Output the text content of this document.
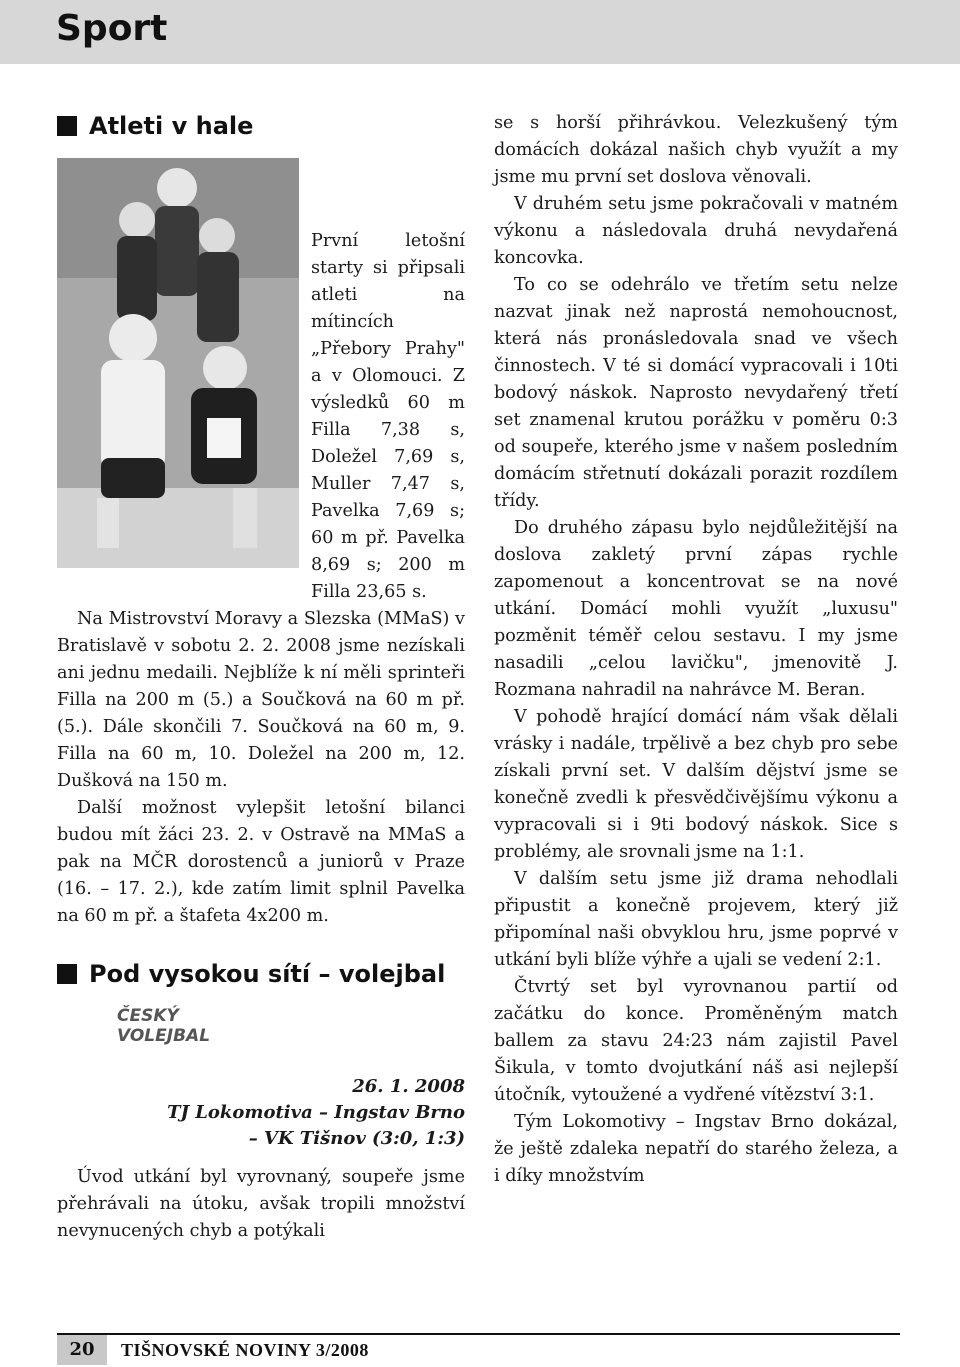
Sport
Atleti v hale

První letošní starty si připsali atleti na mítincích „Přebory Prahy" a v Olomouci. Z výsledků 60 m Filla 7,38 s, Doležel 7,69 s, Muller 7,47 s, Pavelka 7,69 s; 60 m př. Pavelka 8,69 s; 200 m Filla 23,65 s.

Na Mistrovství Moravy a Slezska (MMaS) v Bratislavě v sobotu 2. 2. 2008 jsme nezískali ani jednu medaili. Nejblíže k ní měli sprinteři Filla na 200 m (5.) a Součková na 60 m př. (5.). Dále skončili 7. Součková na 60 m, 9. Filla na 60 m, 10. Doležel na 200 m, 12. Dušková na 150 m.

Další možnost vylepšit letošní bilanci budou mít žáci 23. 2. v Ostravě na MMaS a pak na MČR dorostenců a juniorů v Praze (16. – 17. 2.), kde zatím limit splnil Pavelka na 60 m př. a štafeta 4x200 m.

Pod vysokou sítí – volejbal
ČESKÝ
VOLEJBAL
26. 1. 2008
TJ Lokomotiva – Ingstav Brno
– VK Tišnov (3:0, 1:3)

Úvod utkání byl vyrovnaný, soupeře jsme přehrávali na útoku, avšak tropili množství nevynucených chyb a potýkali

se s horší přihrávkou. Velezkušený tým domácích dokázal našich chyb využít a my jsme mu první set doslova věnovali.

V druhém setu jsme pokračovali v matném výkonu a následovala druhá nevydařená koncovka.

To co se odehrálo ve třetím setu nelze nazvat jinak než naprostá nemohoucnost, která nás pronásledovala snad ve všech činnostech. V té si domácí vypracovali i 10ti bodový náskok. Naprosto nevydařený třetí set znamenal krutou porážku v poměru 0:3 od soupeře, kterého jsme v našem posledním domácím střetnutí dokázali porazit rozdílem třídy.

Do druhého zápasu bylo nejdůležitější na doslova zakletý první zápas rychle zapomenout a koncentrovat se na nové utkání. Domácí mohli využít „luxusu" pozměnit téměř celou sestavu. I my jsme nasadili „celou lavičku", jmenovitě J. Rozmana nahradil na nahrávce M. Beran.

V pohodě hrající domácí nám však dělali vrásky i nadále, trpělivě a bez chyb pro sebe získali první set. V dalším dějství jsme se konečně zvedli k přesvědčivějšímu výkonu a vypracovali si i 9ti bodový náskok. Sice s problémy, ale srovnali jsme na 1:1.

V dalším setu jsme již drama nehodlali připustit a konečně projevem, který již připomínal naši obvyklou hru, jsme poprvé v utkání byli blíže výhře a ujali se vedení 2:1.

Čtvrtý set byl vyrovnanou partií od začátku do konce. Proměněným match ballem za stavu 24:23 nám zajistil Pavel Šikula, v tomto dvojutkání náš asi nejlepší útočník, vytoužené a vydřené vítězství 3:1.

Tým Lokomotivy – Ingstav Brno dokázal, že ještě zdaleka nepatří do starého železa, a i díky množstvím

20	TIŠNOVSKÉ NOVINY 3/2008
